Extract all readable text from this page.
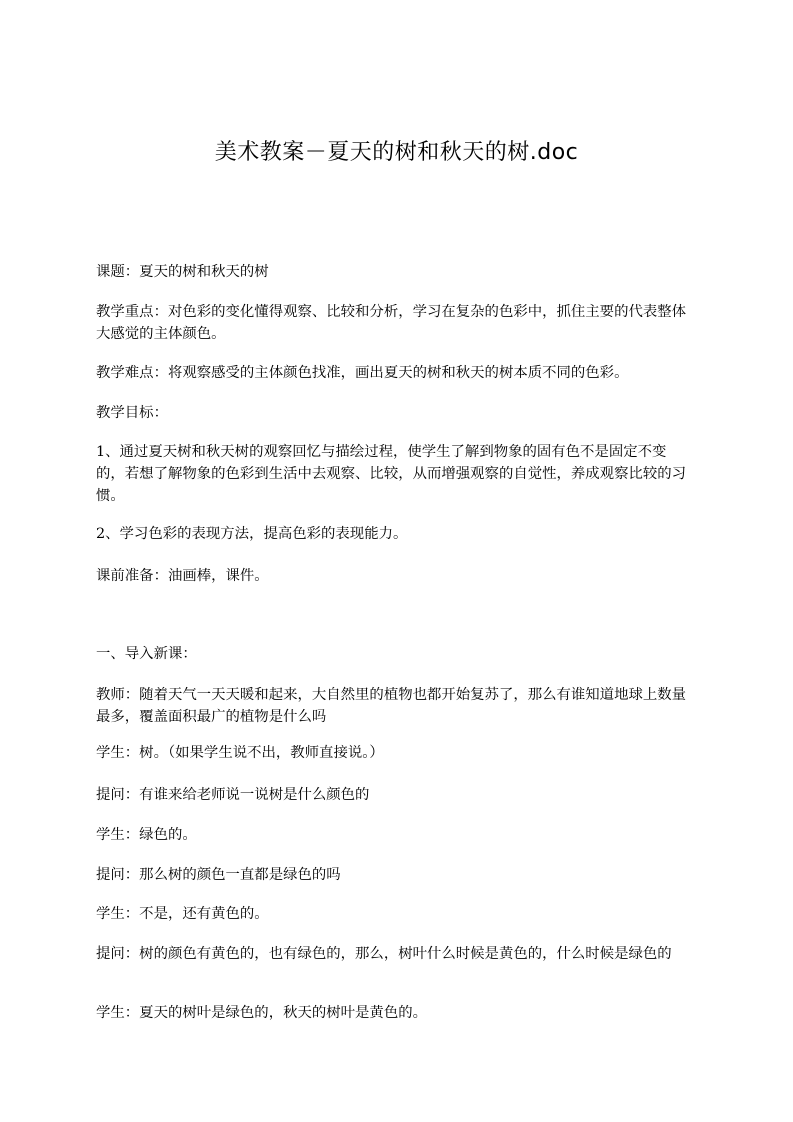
美术教案－夏天的树和秋天的树.doc

课题：夏天的树和秋天的树

教学重点：对色彩的变化懂得观察、比较和分析，学习在复杂的色彩中，抓住主要的代表整体大感觉的主体颜色。

教学难点：将观察感受的主体颜色找准，画出夏天的树和秋天的树本质不同的色彩。

教学目标：

1、通过夏天树和秋天树的观察回忆与描绘过程，使学生了解到物象的固有色不是固定不变的，若想了解物象的色彩到生活中去观察、比较，从而增强观察的自觉性，养成观察比较的习惯。

2、学习色彩的表现方法，提高色彩的表现能力。

课前准备：油画棒，课件。

一、导入新课：

教师：随着天气一天天暖和起来，大自然里的植物也都开始复苏了，那么有谁知道地球上数量最多，覆盖面积最广的植物是什么吗

学生：树。（如果学生说不出，教师直接说。）

提问：有谁来给老师说一说树是什么颜色的

学生：绿色的。

提问：那么树的颜色一直都是绿色的吗

学生：不是，还有黄色的。

提问：树的颜色有黄色的，也有绿色的，那么，树叶什么时候是黄色的，什么时候是绿色的

学生：夏天的树叶是绿色的，秋天的树叶是黄色的。
